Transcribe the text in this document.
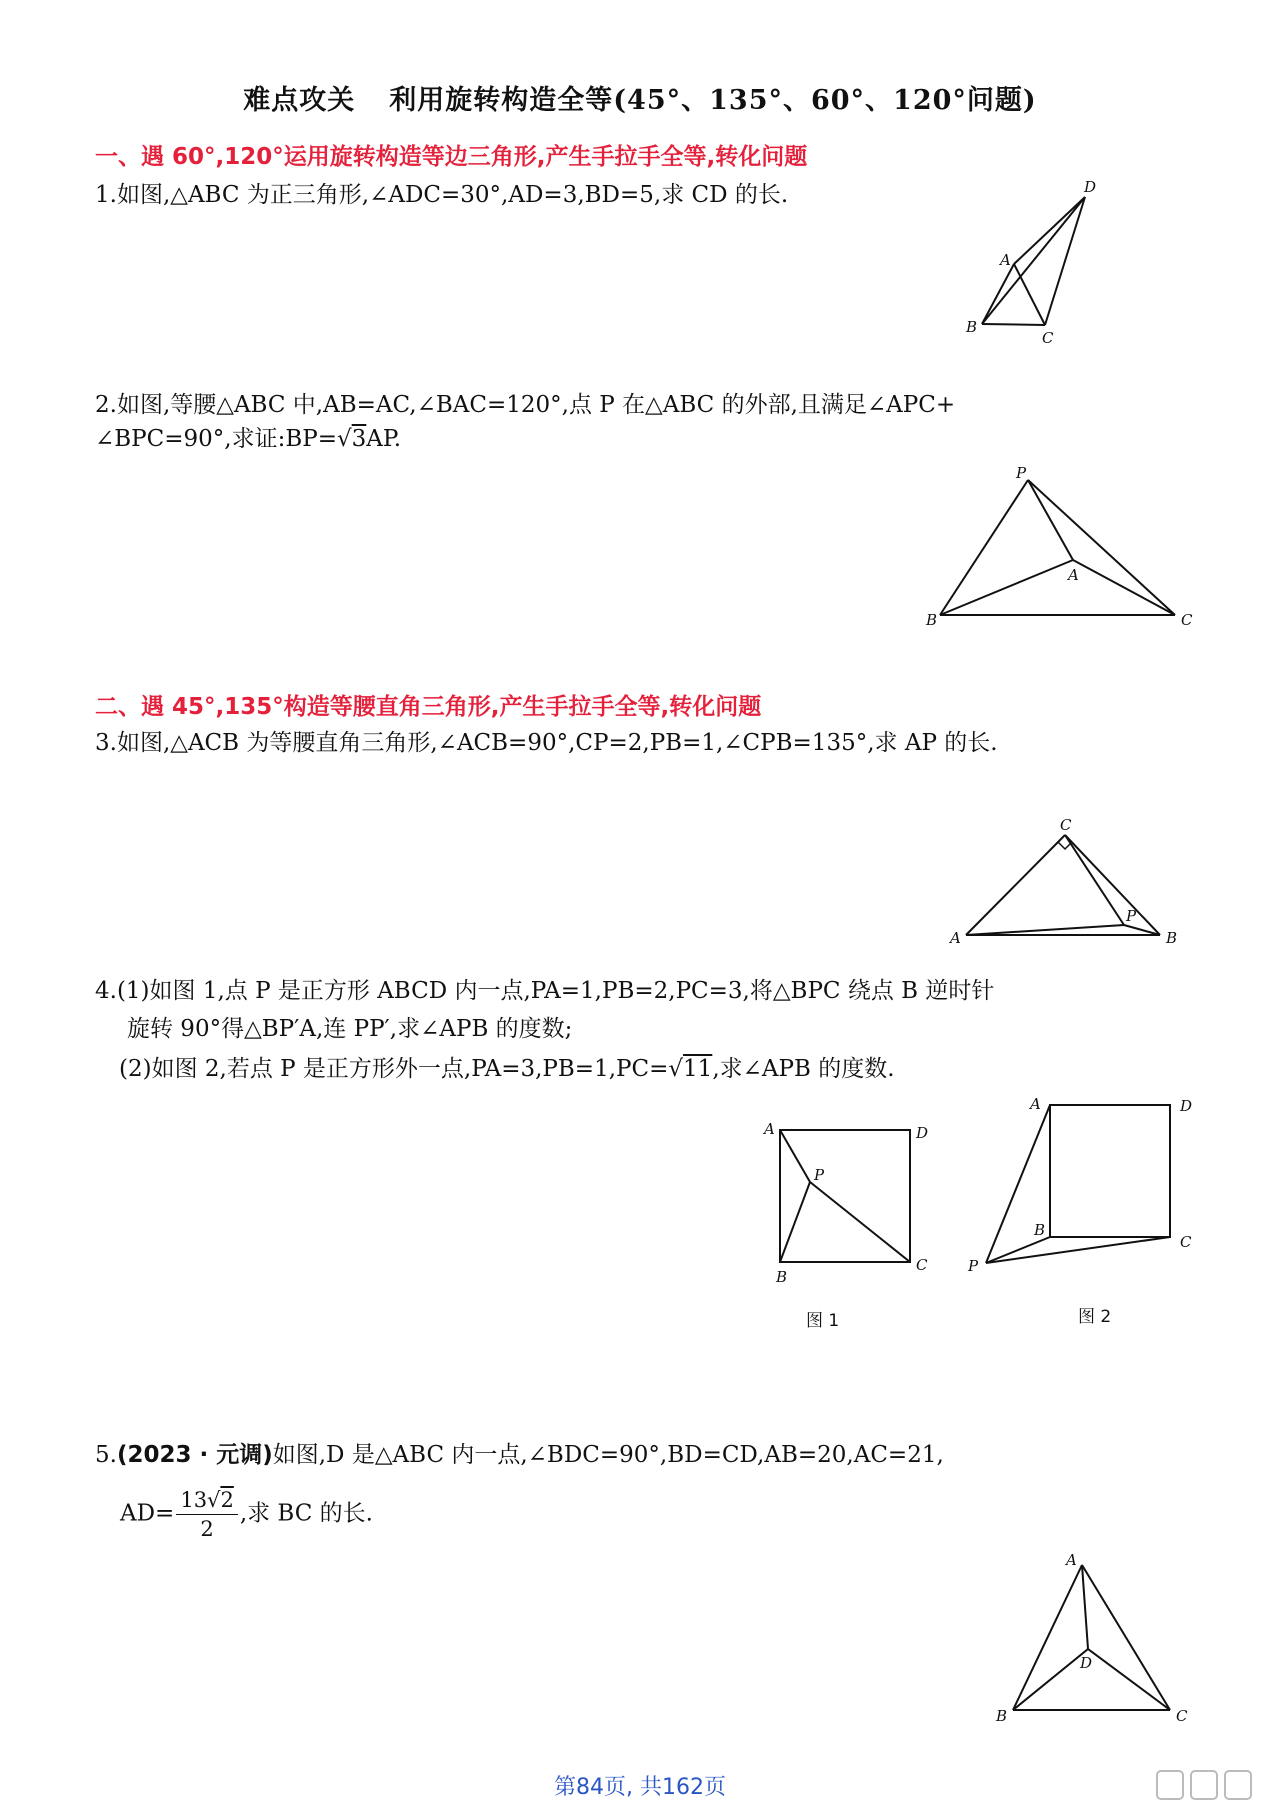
难点攻关 利用旋转构造全等(45°、135°、60°、120°问题)
一、遇 60°,120°运用旋转构造等边三角形,产生手拉手全等,转化问题
1.如图,△ABC 为正三角形,∠ADC=30°,AD=3,BD=5,求 CD 的长.	D
A
B
C
2.如图,等腰△ABC 中,AB=AC,∠BAC=120°,点 P 在△ABC 的外部,且满足∠APC+
∠BPC=90°,求证:BP=√3AP.
P
A
B	C
二、遇 45°,135°构造等腰直角三角形,产生手拉手全等,转化问题
3.如图,△ACB 为等腰直角三角形,∠ACB=90°,CP=2,PB=1,∠CPB=135°,求 AP 的长.
C
P
A	B
4.(1)如图 1,点 P 是正方形 ABCD 内一点,PA=1,PB=2,PC=3,将△BPC 绕点 B 逆时针
旋转 90°得△BP′A,连 PP′,求∠APB 的度数;
(2)如图 2,若点 P 是正方形外一点,PA=3,PB=1,PC=√11,求∠APB 的度数.
A	D
P
B
C
图 1
A	D
B
C
P
图 2
5.(2023 · 元调)如图,D 是△ABC 内一点,∠BDC=90°,BD=CD,AB=20,AC=21,
$AD= \frac{13√2}{2}$ ,求 BC 的长.
A
D
B	C
第84页, 共162页
